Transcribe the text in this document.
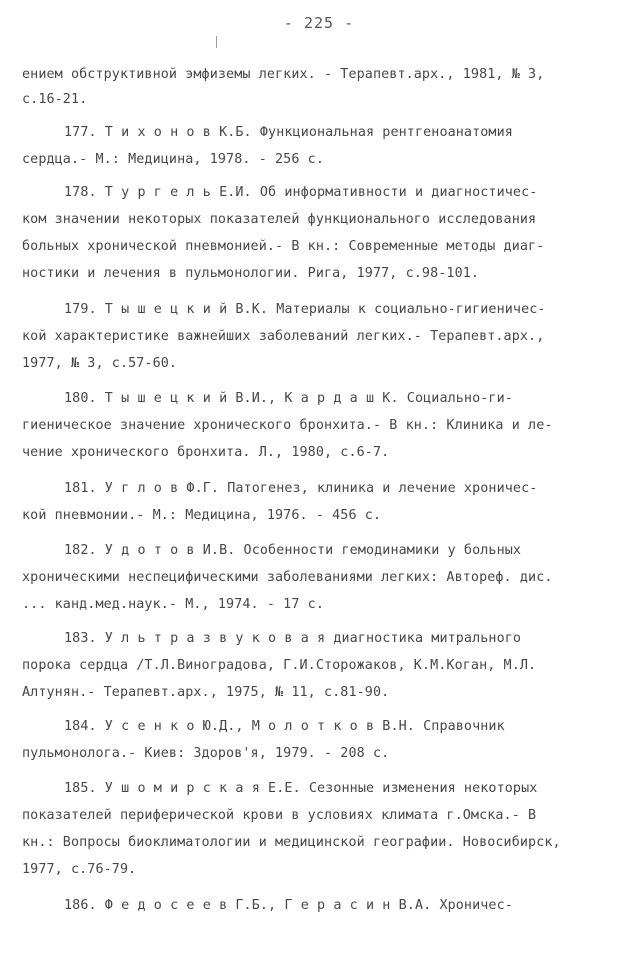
- 225 -
ением обструктивной эмфиземы легких. - Терапевт.арх., 1981, № 3,
с.16-21.
177. Т и х о н о в К.Б. Функциональная рентгеноанатомия
сердца.- М.: Медицина, 1978. - 256 с.
178. Т у р г е л ь Е.И. Об информативности и диагностичес-
ком значении некоторых показателей функционального исследования
больных хронической пневмонией.- В кн.: Современные методы диаг-
ностики и лечения в пульмонологии. Рига, 1977, с.98-101.
179. Т ы ш е ц к и й В.К. Материалы к социально-гигиеничес-
кой характеристике важнейших заболеваний легких.- Терапевт.арх.,
1977, № 3, с.57-60.
180. Т ы ш е ц к и й В.И., К а р д а ш К. Социально-ги-
гиеническое значение хронического бронхита.- В кн.: Клиника и ле-
чение хронического бронхита. Л., 1980, с.6-7.
181. У г л о в Ф.Г. Патогенез, клиника и лечение хроничес-
кой пневмонии.- М.: Медицина, 1976. - 456 с.
182. У д о т о в И.В. Особенности гемодинамики у больных
хроническими неспецифическими заболеваниями легких: Автореф. дис.
... канд.мед.наук.- М., 1974. - 17 с.
183. У л ь т р а з в у к о в а я диагностика митрального
порока сердца /Т.Л.Виноградова, Г.И.Сторожаков, К.М.Коган, М.Л.
Алтунян.- Терапевт.арх., 1975, № 11, с.81-90.
184. У с е н к о Ю.Д., М о л о т к о в В.Н. Справочник
пульмонолога.- Киев: Здоров'я, 1979. - 208 с.
185. У ш о м и р с к а я Е.Е. Сезонные изменения некоторых
показателей периферической крови в условиях климата г.Омска.- В
кн.: Вопросы биоклиматологии и медицинской географии. Новосибирск,
1977, с.76-79.
186. Ф е д о с е е в Г.Б., Г е р а с и н В.А. Хроничес-
